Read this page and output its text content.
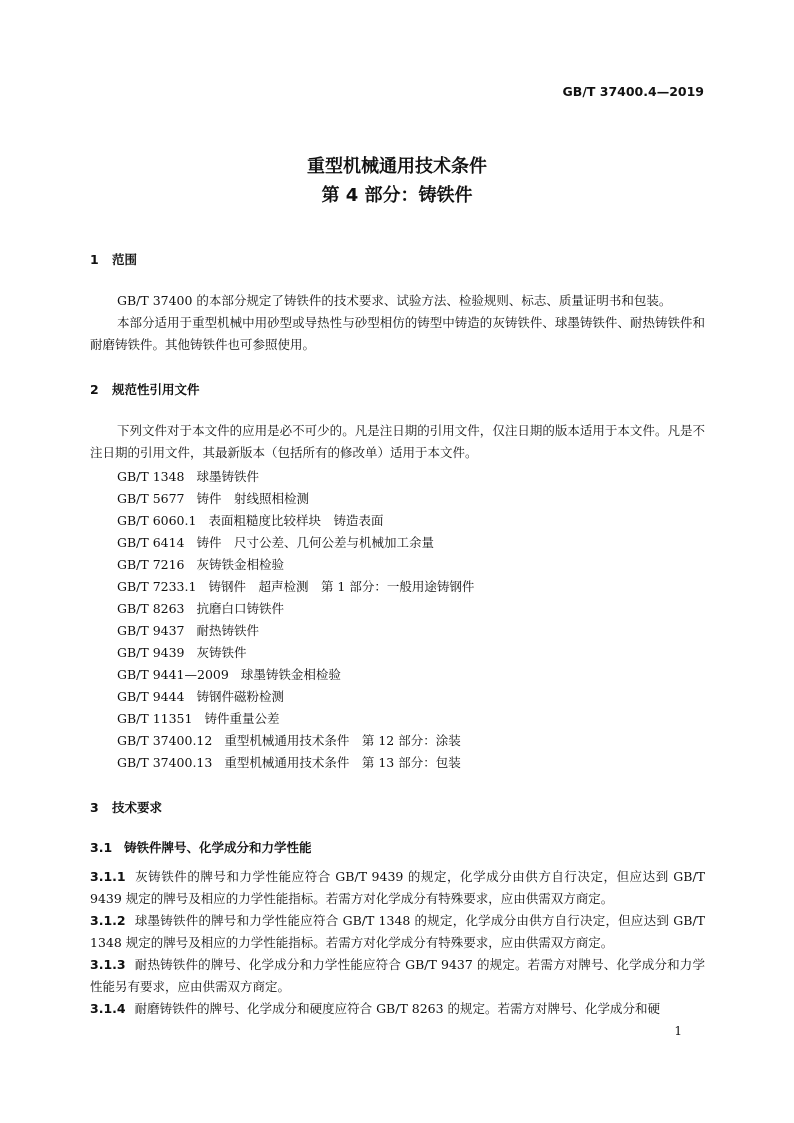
GB/T 37400.4—2019
重型机械通用技术条件
第 4 部分：铸铁件
1 范围
GB/T 37400 的本部分规定了铸铁件的技术要求、试验方法、检验规则、标志、质量证明书和包装。
本部分适用于重型机械中用砂型或导热性与砂型相仿的铸型中铸造的灰铸铁件、球墨铸铁件、耐热铸铁件和耐磨铸铁件。其他铸铁件也可参照使用。
2 规范性引用文件
下列文件对于本文件的应用是必不可少的。凡是注日期的引用文件，仅注日期的版本适用于本文件。凡是不注日期的引用文件，其最新版本（包括所有的修改单）适用于本文件。
GB/T 1348 球墨铸铁件
GB/T 5677 铸件　射线照相检测
GB/T 6060.1 表面粗糙度比较样块　铸造表面
GB/T 6414 铸件　尺寸公差、几何公差与机械加工余量
GB/T 7216 灰铸铁金相检验
GB/T 7233.1 铸钢件　超声检测　第 1 部分：一般用途铸钢件
GB/T 8263 抗磨白口铸铁件
GB/T 9437 耐热铸铁件
GB/T 9439 灰铸铁件
GB/T 9441—2009 球墨铸铁金相检验
GB/T 9444 铸钢件磁粉检测
GB/T 11351 铸件重量公差
GB/T 37400.12 重型机械通用技术条件　第 12 部分：涂装
GB/T 37400.13 重型机械通用技术条件　第 13 部分：包装
3 技术要求
3.1 铸铁件牌号、化学成分和力学性能
3.1.1 灰铸铁件的牌号和力学性能应符合 GB/T 9439 的规定，化学成分由供方自行决定，但应达到 GB/T 9439 规定的牌号及相应的力学性能指标。若需方对化学成分有特殊要求，应由供需双方商定。
3.1.2 球墨铸铁件的牌号和力学性能应符合 GB/T 1348 的规定，化学成分由供方自行决定，但应达到 GB/T 1348 规定的牌号及相应的力学性能指标。若需方对化学成分有特殊要求，应由供需双方商定。
3.1.3 耐热铸铁件的牌号、化学成分和力学性能应符合 GB/T 9437 的规定。若需方对牌号、化学成分和力学性能另有要求，应由供需双方商定。
3.1.4 耐磨铸铁件的牌号、化学成分和硬度应符合 GB/T 8263 的规定。若需方对牌号、化学成分和硬
1
